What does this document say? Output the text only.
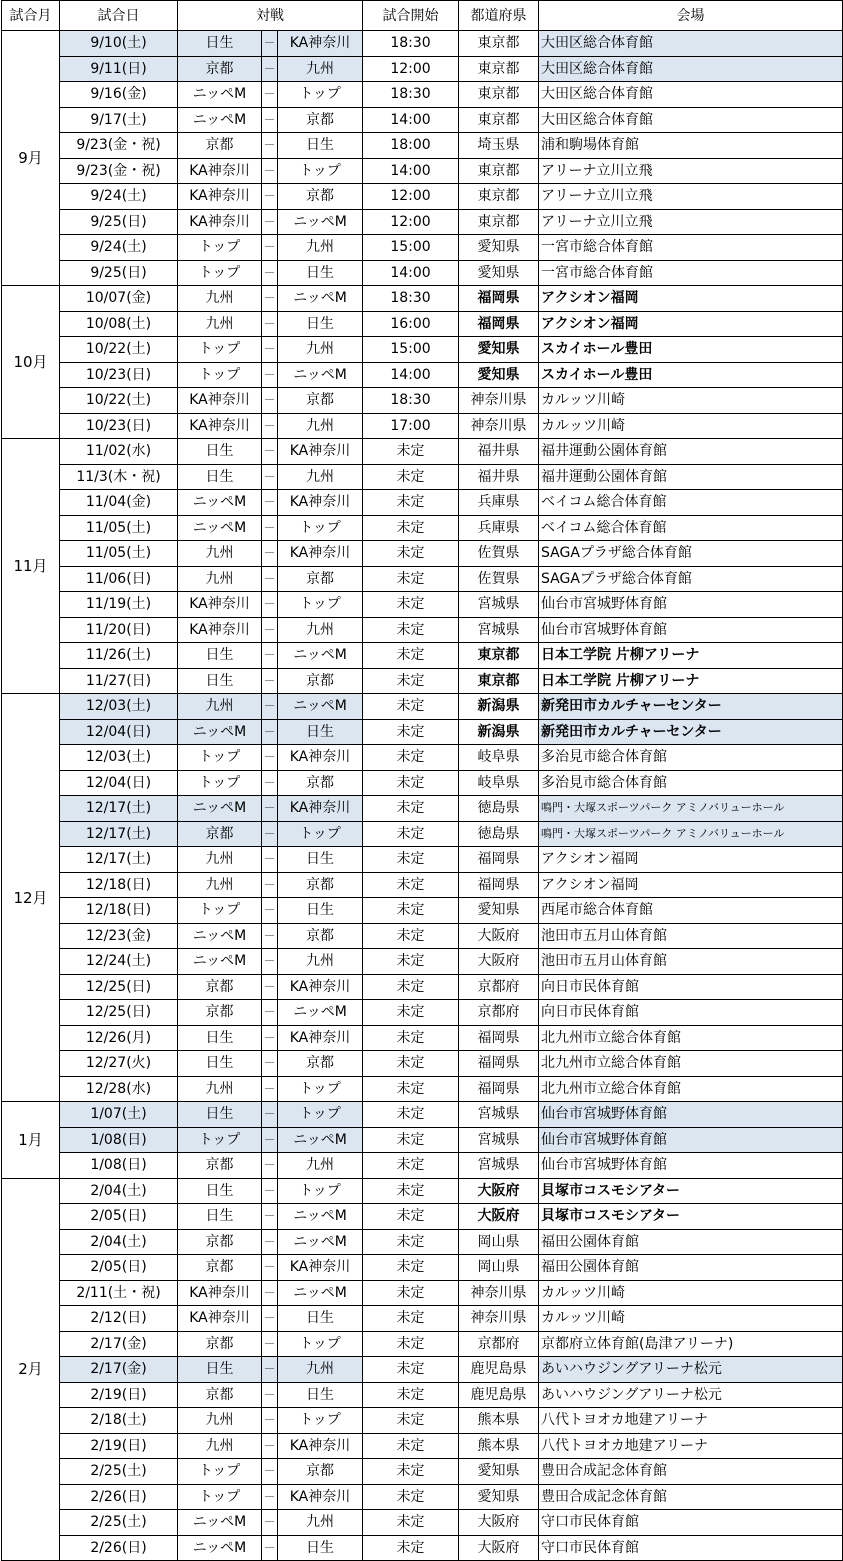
試合月	試合日	対戦			試合開始	都道府県	会場
9月	9/10(土)	日生	－	KA神奈川	18:30	東京都	大田区総合体育館
	9/11(日)	京都	－	九州	12:00	東京都	大田区総合体育館
	9/16(金)	ニッペM	－	トップ	18:30	東京都	大田区総合体育館
	9/17(土)	ニッペM	－	京都	14:00	東京都	大田区総合体育館
	9/23(金・祝)	京都	－	日生	18:00	埼玉県	浦和駒場体育館
	9/23(金・祝)	KA神奈川	－	トップ	14:00	東京都	アリーナ立川立飛
	9/24(土)	KA神奈川	－	京都	12:00	東京都	アリーナ立川立飛
	9/25(日)	KA神奈川	－	ニッペM	12:00	東京都	アリーナ立川立飛
	9/24(土)	トップ	－	九州	15:00	愛知県	一宮市総合体育館
	9/25(日)	トップ	－	日生	14:00	愛知県	一宮市総合体育館
10月	10/07(金)	九州	－	ニッペM	18:30	福岡県	アクシオン福岡
	10/08(土)	九州	－	日生	16:00	福岡県	アクシオン福岡
	10/22(土)	トップ	－	九州	15:00	愛知県	スカイホール豊田
	10/23(日)	トップ	－	ニッペM	14:00	愛知県	スカイホール豊田
	10/22(土)	KA神奈川	－	京都	18:30	神奈川県	カルッツ川崎
	10/23(日)	KA神奈川	－	九州	17:00	神奈川県	カルッツ川崎
11月	11/02(水)	日生	－	KA神奈川	未定	福井県	福井運動公園体育館
	11/3(木・祝)	日生	－	九州	未定	福井県	福井運動公園体育館
	11/04(金)	ニッペM	－	KA神奈川	未定	兵庫県	ベイコム総合体育館
	11/05(土)	ニッペM	－	トップ	未定	兵庫県	ベイコム総合体育館
	11/05(土)	九州	－	KA神奈川	未定	佐賀県	SAGAプラザ総合体育館
	11/06(日)	九州	－	京都	未定	佐賀県	SAGAプラザ総合体育館
	11/19(土)	KA神奈川	－	トップ	未定	宮城県	仙台市宮城野体育館
	11/20(日)	KA神奈川	－	九州	未定	宮城県	仙台市宮城野体育館
	11/26(土)	日生	－	ニッペM	未定	東京都	日本工学院 片柳アリーナ
	11/27(日)	日生	－	京都	未定	東京都	日本工学院 片柳アリーナ
12月	12/03(土)	九州	－	ニッペM	未定	新潟県	新発田市カルチャーセンター
	12/04(日)	ニッペM	－	日生	未定	新潟県	新発田市カルチャーセンター
	12/03(土)	トップ	－	KA神奈川	未定	岐阜県	多治見市総合体育館
	12/04(日)	トップ	－	京都	未定	岐阜県	多治見市総合体育館
	12/17(土)	ニッペM	－	KA神奈川	未定	徳島県	鳴門・大塚スポーツパーク アミノバリューホール
	12/17(土)	京都	－	トップ	未定	徳島県	鳴門・大塚スポーツパーク アミノバリューホール
	12/17(土)	九州	－	日生	未定	福岡県	アクシオン福岡
	12/18(日)	九州	－	京都	未定	福岡県	アクシオン福岡
	12/18(日)	トップ	－	日生	未定	愛知県	西尾市総合体育館
	12/23(金)	ニッペM	－	京都	未定	大阪府	池田市五月山体育館
	12/24(土)	ニッペM	－	九州	未定	大阪府	池田市五月山体育館
	12/25(日)	京都	－	KA神奈川	未定	京都府	向日市民体育館
	12/25(日)	京都	－	ニッペM	未定	京都府	向日市民体育館
	12/26(月)	日生	－	KA神奈川	未定	福岡県	北九州市立総合体育館
	12/27(火)	日生	－	京都	未定	福岡県	北九州市立総合体育館
	12/28(水)	九州	－	トップ	未定	福岡県	北九州市立総合体育館
1月	1/07(土)	日生	－	トップ	未定	宮城県	仙台市宮城野体育館
	1/08(日)	トップ	－	ニッペM	未定	宮城県	仙台市宮城野体育館
	1/08(日)	京都	－	九州	未定	宮城県	仙台市宮城野体育館
2月	2/04(土)	日生	－	トップ	未定	大阪府	貝塚市コスモシアター
	2/05(日)	日生	－	ニッペM	未定	大阪府	貝塚市コスモシアター
	2/04(土)	京都	－	ニッペM	未定	岡山県	福田公園体育館
	2/05(日)	京都	－	KA神奈川	未定	岡山県	福田公園体育館
	2/11(土・祝)	KA神奈川	－	ニッペM	未定	神奈川県	カルッツ川崎
	2/12(日)	KA神奈川	－	日生	未定	神奈川県	カルッツ川崎
	2/17(金)	京都	－	トップ	未定	京都府	京都府立体育館(島津アリーナ)
	2/17(金)	日生	－	九州	未定	鹿児島県	あいハウジングアリーナ松元
	2/19(日)	京都	－	日生	未定	鹿児島県	あいハウジングアリーナ松元
	2/18(土)	九州	－	トップ	未定	熊本県	八代トヨオカ地建アリーナ
	2/19(日)	九州	－	KA神奈川	未定	熊本県	八代トヨオカ地建アリーナ
	2/25(土)	トップ	－	京都	未定	愛知県	豊田合成記念体育館
	2/26(日)	トップ	－	KA神奈川	未定	愛知県	豊田合成記念体育館
	2/25(土)	ニッペM	－	九州	未定	大阪府	守口市民体育館
	2/26(日)	ニッペM	－	日生	未定	大阪府	守口市民体育館
